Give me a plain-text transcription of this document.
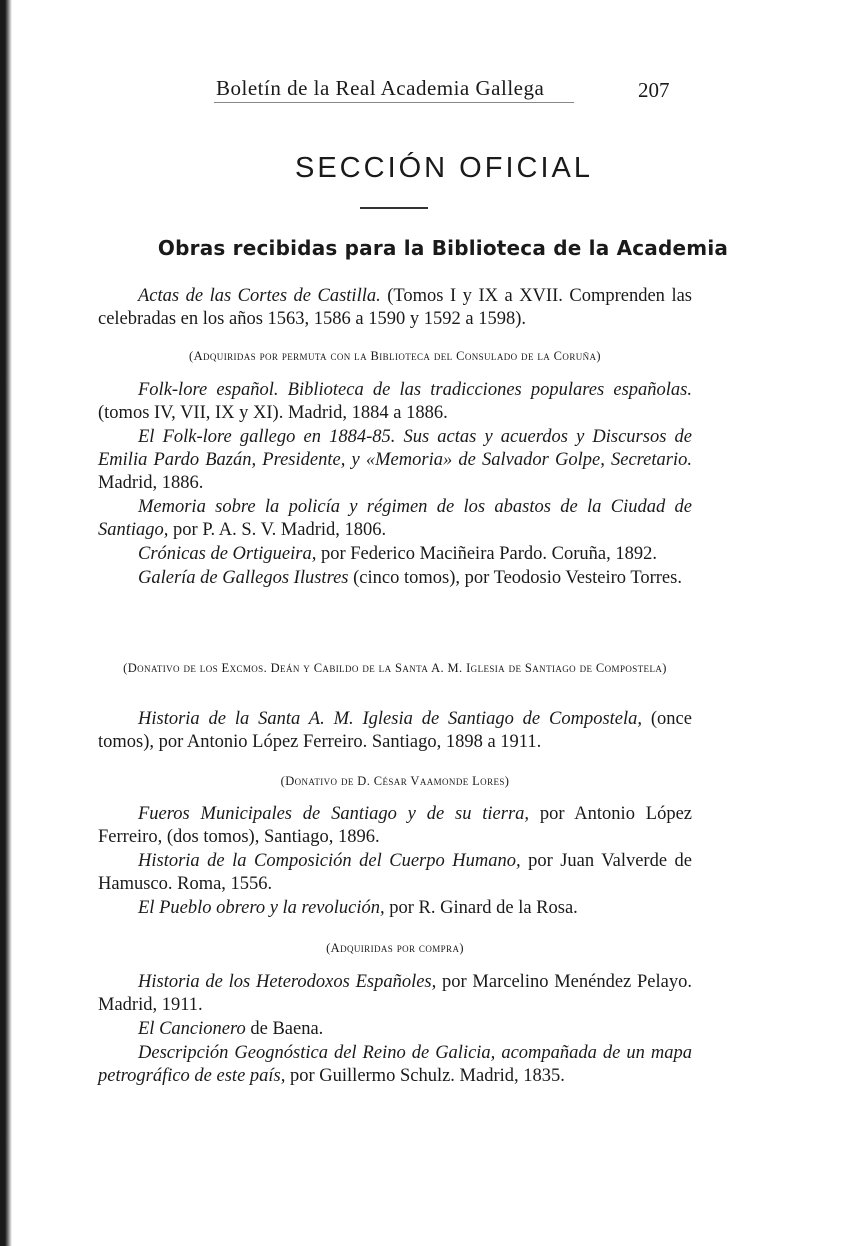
Boletín de la Real Academia Gallega	207
SECCIÓN OFICIAL
Obras recibidas para la Biblioteca de la Academia

Actas de las Cortes de Castilla. (Tomos I y IX a XVII. Comprenden las celebradas en los años 1563, 1586 a 1590 y 1592 a 1598).

(Adquiridas por permuta con la Biblioteca del Consulado de la Coruña)

Folk-lore español. Biblioteca de las tradicciones populares españolas. (tomos IV, VII, IX y XI). Madrid, 1884 a 1886.

El Folk-lore gallego en 1884-85. Sus actas y acuerdos y Discursos de Emilia Pardo Bazán, Presidente, y «Memoria» de Salvador Golpe, Secretario. Madrid, 1886.

Memoria sobre la policía y régimen de los abastos de la Ciudad de Santiago, por P. A. S. V. Madrid, 1806.

Crónicas de Ortigueira, por Federico Maciñeira Pardo. Coruña, 1892.

Galería de Gallegos Ilustres (cinco tomos), por Teodosio Vesteiro Torres.

(Donativo de los Excmos. Deán y Cabildo de la Santa A. M. Iglesia de Santiago de Compostela)

Historia de la Santa A. M. Iglesia de Santiago de Compostela, (once tomos), por Antonio López Ferreiro. Santiago, 1898 a 1911.

(Donativo de D. César Vaamonde Lores)

Fueros Municipales de Santiago y de su tierra, por Antonio López Ferreiro, (dos tomos), Santiago, 1896.

Historia de la Composición del Cuerpo Humano, por Juan Valverde de Hamusco. Roma, 1556.

El Pueblo obrero y la revolución, por R. Ginard de la Rosa.

(Adquiridas por compra)

Historia de los Heterodoxos Españoles, por Marcelino Menéndez Pelayo. Madrid, 1911.

El Cancionero de Baena.

Descripción Geognóstica del Reino de Galicia, acompañada de un mapa petrográfico de este país, por Guillermo Schulz. Madrid, 1835.
